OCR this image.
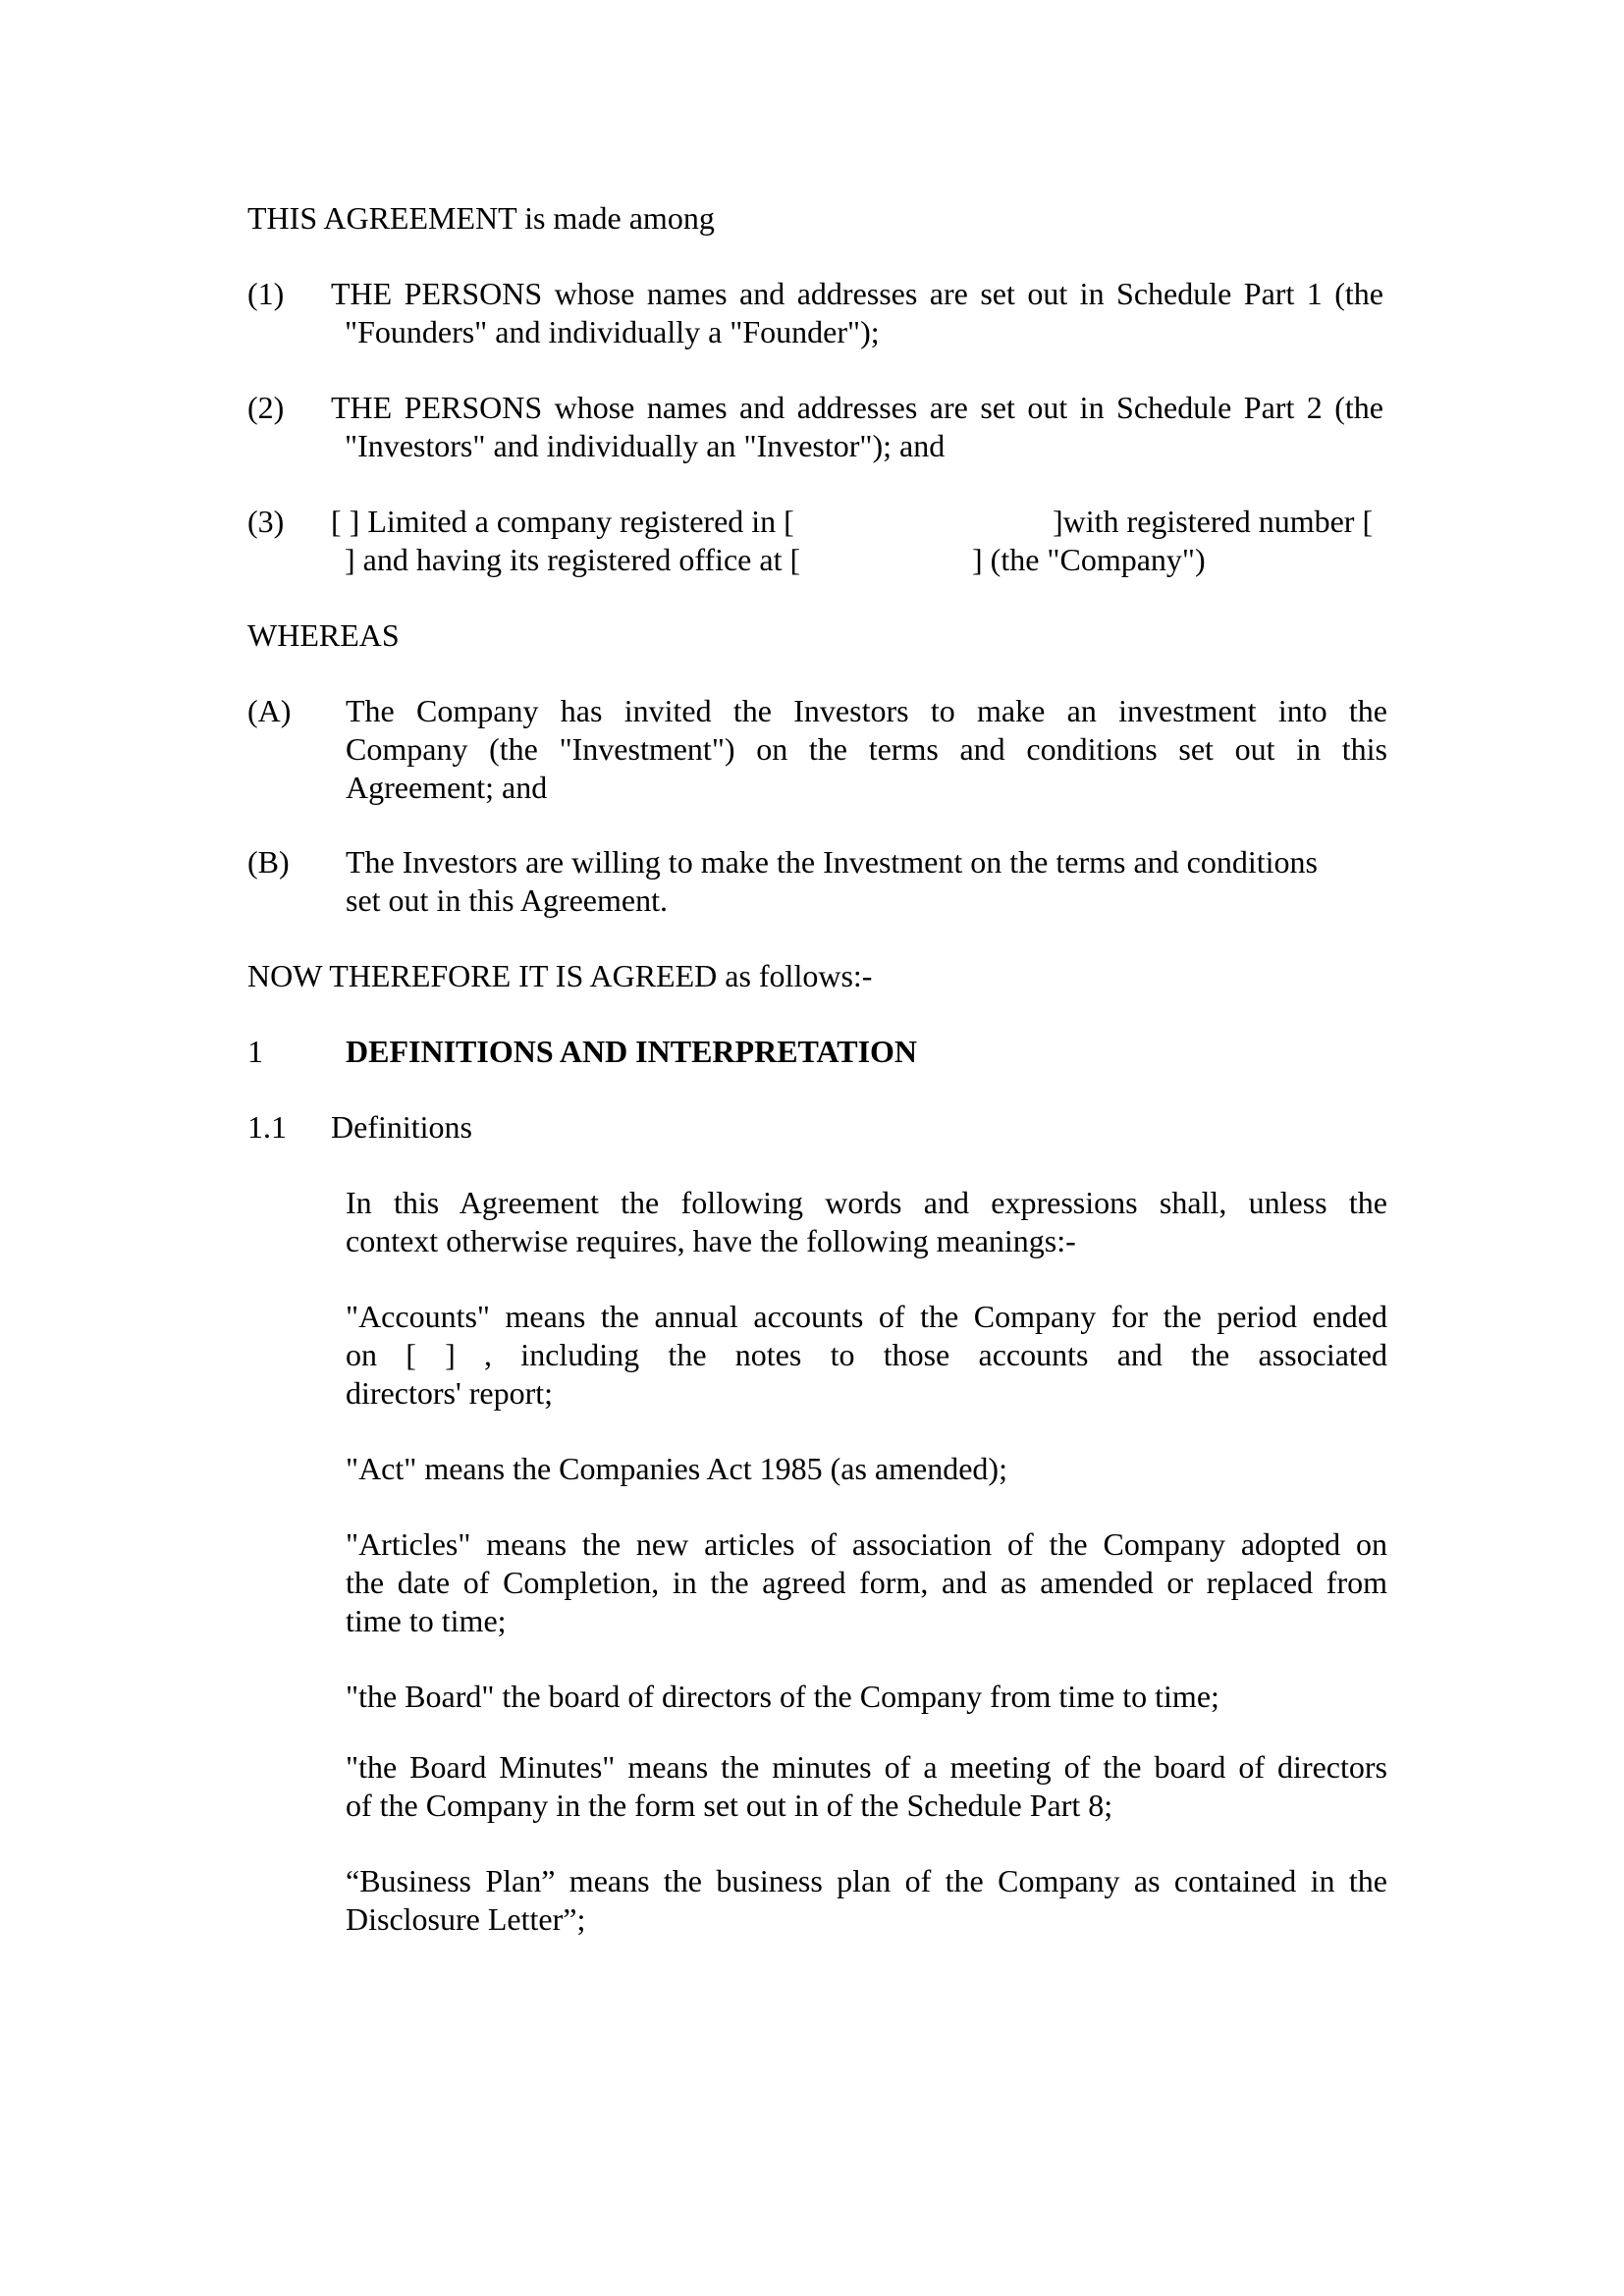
THIS AGREEMENT is made among
(1) THE PERSONS whose names and addresses are set out in Schedule Part 1 (the
"Founders" and individually a "Founder");
(2) THE PERSONS whose names and addresses are set out in Schedule Part 2 (the
"Investors" and individually an "Investor"); and
(3) [ ] Limited a company registered in [	]with registered number [
] and having its registered office at [	] (the "Company")
WHEREAS
(A) The Company has invited the Investors to make an investment into the
Company (the "Investment") on the terms and conditions set out in this
Agreement; and
(B) The Investors are willing to make the Investment on the terms and conditions
set out in this Agreement.
NOW THEREFORE IT IS AGREED as follows:-
1	DEFINITIONS AND INTERPRETATION
1.1 Definitions
In this Agreement the following words and expressions shall, unless the
context otherwise requires, have the following meanings:-
"Accounts" means the annual accounts of the Company for the period ended
on [ ] , including the notes to those accounts and the associated
directors' report;
"Act" means the Companies Act 1985 (as amended);
"Articles" means the new articles of association of the Company adopted on
the date of Completion, in the agreed form, and as amended or replaced from
time to time;
"the Board" the board of directors of the Company from time to time;
"the Board Minutes" means the minutes of a meeting of the board of directors
of the Company in the form set out in of the Schedule Part 8;
“Business Plan” means the business plan of the Company as contained in the
Disclosure Letter”;
